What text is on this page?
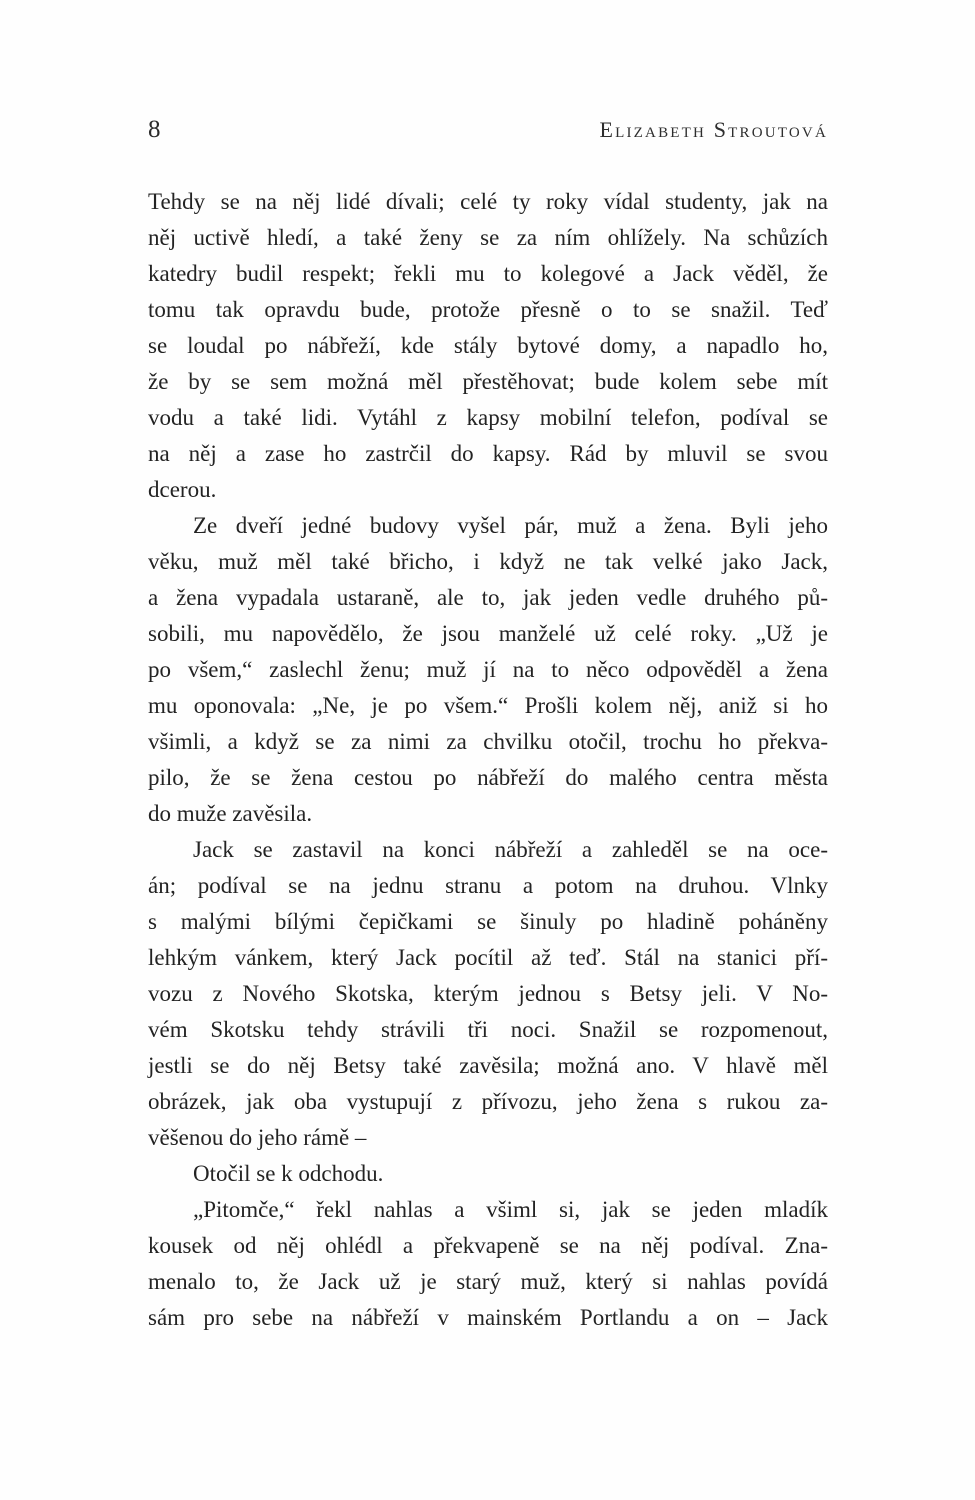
8	Elizabeth Stroutová
Tehdy se na něj lidé dívali; celé ty roky vídal studenty, jak na
něj uctivě hledí, a také ženy se za ním ohlížely. Na schůzích
katedry budil respekt; řekli mu to kolegové a Jack věděl, že
tomu tak opravdu bude, protože přesně o to se snažil. Teď
se loudal po nábřeží, kde stály bytové domy, a napadlo ho,
že by se sem možná měl přestěhovat; bude kolem sebe mít
vodu a také lidi. Vytáhl z kapsy mobilní telefon, podíval se
na něj a zase ho zastrčil do kapsy. Rád by mluvil se svou
dcerou.
Ze dveří jedné budovy vyšel pár, muž a žena. Byli jeho
věku, muž měl také břicho, i když ne tak velké jako Jack,
a žena vypadala ustaraně, ale to, jak jeden vedle druhého pů-
sobili, mu napovědělo, že jsou manželé už celé roky. „Už je
po všem,“ zaslechl ženu; muž jí na to něco odpověděl a žena
mu oponovala: „Ne, je po všem.“ Prošli kolem něj, aniž si ho
všimli, a když se za nimi za chvilku otočil, trochu ho překva-
pilo, že se žena cestou po nábřeží do malého centra města
do muže zavěsila.
Jack se zastavil na konci nábřeží a zahleděl se na oce-
án; podíval se na jednu stranu a potom na druhou. Vlnky
s malými bílými čepičkami se šinuly po hladině poháněny
lehkým vánkem, který Jack pocítil až teď. Stál na stanici pří-
vozu z Nového Skotska, kterým jednou s Betsy jeli. V No-
vém Skotsku tehdy strávili tři noci. Snažil se rozpomenout,
jestli se do něj Betsy také zavěsila; možná ano. V hlavě měl
obrázek, jak oba vystupují z přívozu, jeho žena s rukou za-
věšenou do jeho rámě –
Otočil se k odchodu.
„Pitomče,“ řekl nahlas a všiml si, jak se jeden mladík
kousek od něj ohlédl a překvapeně se na něj podíval. Zna-
menalo to, že Jack už je starý muž, který si nahlas povídá
sám pro sebe na nábřeží v mainském Portlandu a on – Jack
